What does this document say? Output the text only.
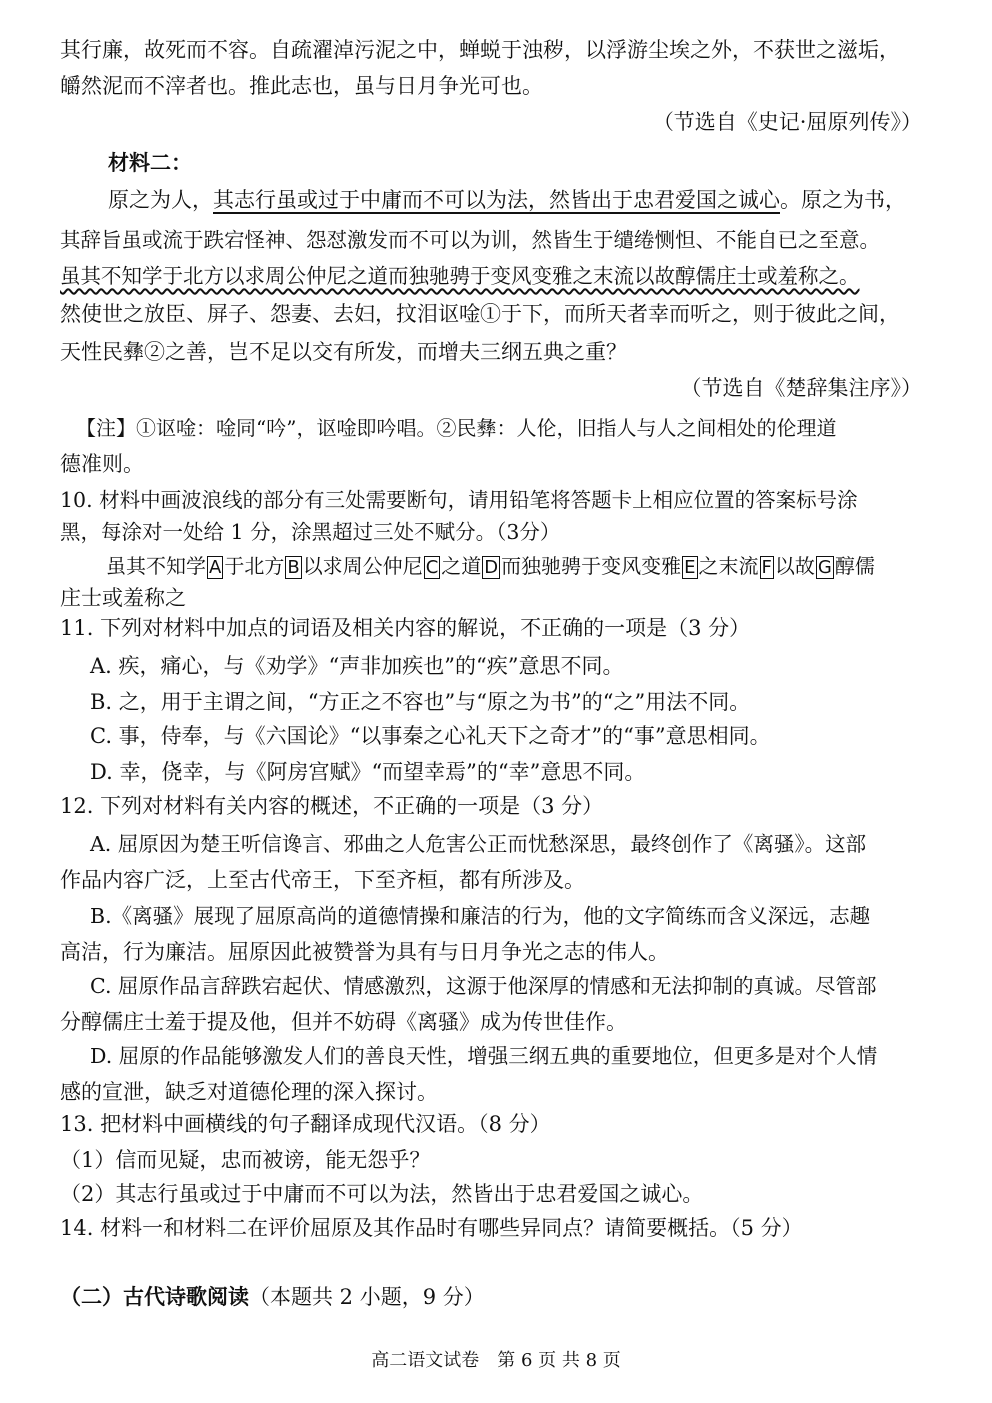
其行廉，故死而不容。自疏濯淖污泥之中，蝉蜕于浊秽，以浮游尘埃之外，不获世之滋垢，
皭然泥而不滓者也。推此志也，虽与日月争光可也。
（节选自《史记·屈原列传》）
材料二：
原之为人，其志行虽或过于中庸而不可以为法，然皆出于忠君爱国之诚心。原之为书，
其辞旨虽或流于跌宕怪神、怨怼激发而不可以为训，然皆生于缱绻恻怛、不能自已之至意。
虽其不知学于北方以求周公仲尼之道而独驰骋于变风变雅之末流以故醇儒庄士或羞称之。
然使世之放臣、屏子、怨妻、去妇，抆泪讴唫①于下，而所天者幸而听之，则于彼此之间，
天性民彝②之善，岂不足以交有所发，而增夫三纲五典之重？
（节选自《楚辞集注序》）
【注】①讴唫：唫同“吟”，讴唫即吟唱。②民彝：人伦，旧指人与人之间相处的伦理道
德准则。
10. 材料中画波浪线的部分有三处需要断句，请用铅笔将答题卡上相应位置的答案标号涂
黑，每涂对一处给 1 分，涂黑超过三处不赋分。（3分）
虽其不知学 A 于北方 B 以求周公仲尼 C 之道 D 而独驰骋于变风变雅 E 之末流 F 以故 G 醇儒
庄士或羞称之
11. 下列对材料中加点的词语及相关内容的解说，不正确的一项是（3 分）
A. 疾，痛心，与《劝学》“声非加疾也”的“疾”意思不同。
B. 之，用于主谓之间，“方正之不容也”与“原之为书”的“之”用法不同。
C. 事，侍奉，与《六国论》“以事秦之心礼天下之奇才”的“事”意思相同。
D. 幸，侥幸，与《阿房宫赋》“而望幸焉”的“幸”意思不同。
12. 下列对材料有关内容的概述，不正确的一项是（3 分）
A. 屈原因为楚王听信谗言、邪曲之人危害公正而忧愁深思，最终创作了《离骚》。这部
作品内容广泛，上至古代帝王，下至齐桓，都有所涉及。
B.《离骚》展现了屈原高尚的道德情操和廉洁的行为，他的文字简练而含义深远，志趣
高洁，行为廉洁。屈原因此被赞誉为具有与日月争光之志的伟人。
C. 屈原作品言辞跌宕起伏、情感激烈，这源于他深厚的情感和无法抑制的真诚。尽管部
分醇儒庄士羞于提及他，但并不妨碍《离骚》成为传世佳作。
D. 屈原的作品能够激发人们的善良天性，增强三纲五典的重要地位，但更多是对个人情
感的宣泄，缺乏对道德伦理的深入探讨。
13. 把材料中画横线的句子翻译成现代汉语。（8 分）
（1）信而见疑，忠而被谤，能无怨乎？
（2）其志行虽或过于中庸而不可以为法，然皆出于忠君爱国之诚心。
14. 材料一和材料二在评价屈原及其作品时有哪些异同点？请简要概括。（5 分）
（二）古代诗歌阅读（本题共 2 小题，9 分）
高二语文试卷　第 6 页 共 8 页
